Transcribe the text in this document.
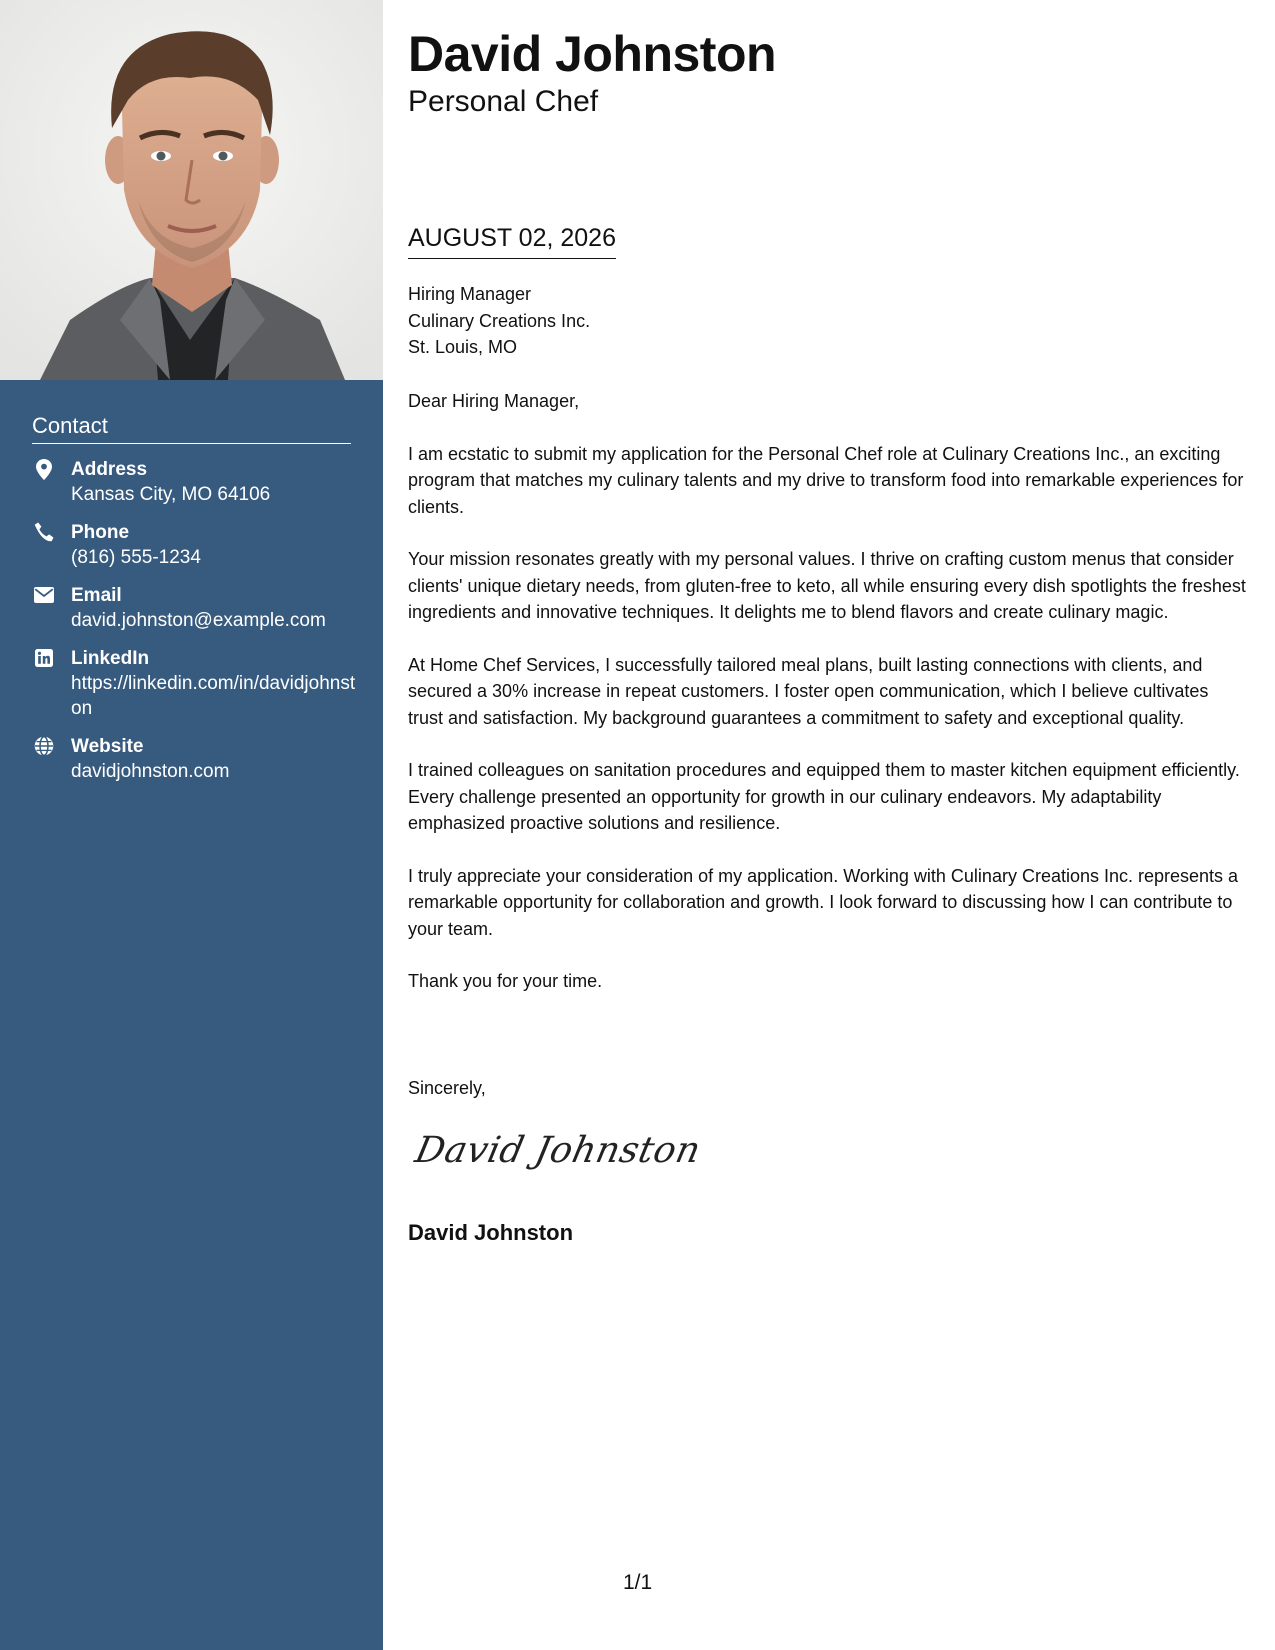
Contact
Address
Kansas City, MO 64106
Phone
(816) 555-1234
Email
david.johnston@example.com
LinkedIn
https://linkedin.com/in/davidjohnston
Website
davidjohnston.com
David Johnston
Personal Chef
AUGUST 02, 2026
Hiring Manager
Culinary Creations Inc.
St. Louis, MO

Dear Hiring Manager,

I am ecstatic to submit my application for the Personal Chef role at Culinary Creations Inc., an exciting program that matches my culinary talents and my drive to transform food into remarkable experiences for clients.

Your mission resonates greatly with my personal values. I thrive on crafting custom menus that consider clients' unique dietary needs, from gluten-free to keto, all while ensuring every dish spotlights the freshest ingredients and innovative techniques. It delights me to blend flavors and create culinary magic.

At Home Chef Services, I successfully tailored meal plans, built lasting connections with clients, and secured a 30% increase in repeat customers. I foster open communication, which I believe cultivates trust and satisfaction. My background guarantees a commitment to safety and exceptional quality.

I trained colleagues on sanitation procedures and equipped them to master kitchen equipment efficiently. Every challenge presented an opportunity for growth in our culinary endeavors. My adaptability emphasized proactive solutions and resilience.

I truly appreciate your consideration of my application. Working with Culinary Creations Inc. represents a remarkable opportunity for collaboration and growth. I look forward to discussing how I can contribute to your team.

Thank you for your time.

Sincerely,
David Johnston
David Johnston
1/1
